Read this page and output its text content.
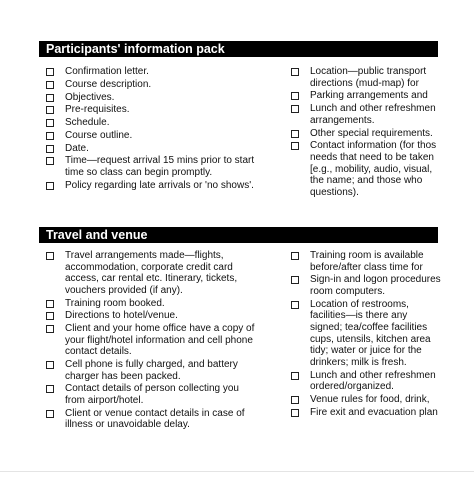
Participants' information pack
Confirmation letter.
Course description.
Objectives.
Pre-requisites.
Schedule.
Course outline.
Date.
Time—request arrival 15 mins prior to start
time so class can begin promptly.
Policy regarding late arrivals or 'no shows'.
Location—public transport
directions (mud-map) for
Parking arrangements and
Lunch and other refreshmen
arrangements.
Other special requirements.
Contact information (for thos
needs that need to be taken
[e.g., mobility, audio, visual,
the name; and those who
questions).
Travel and venue
Travel arrangements made—flights,
accommodation, corporate credit card
access, car rental etc. Itinerary, tickets,
vouchers provided (if any).
Training room booked.
Directions to hotel/venue.
Client and your home office have a copy of
your flight/hotel information and cell phone
contact details.
Cell phone is fully charged, and battery
charger has been packed.
Contact details of person collecting you
from airport/hotel.
Client or venue contact details in case of
illness or unavoidable delay.
Training room is available
before/after class time for
Sign-in and logon procedures
room computers.
Location of restrooms,
facilities—is there any
signed; tea/coffee facilities
cups, utensils, kitchen area
tidy; water or juice for the
drinkers; milk is fresh.
Lunch and other refreshmen
ordered/organized.
Venue rules for food, drink,
Fire exit and evacuation plan
